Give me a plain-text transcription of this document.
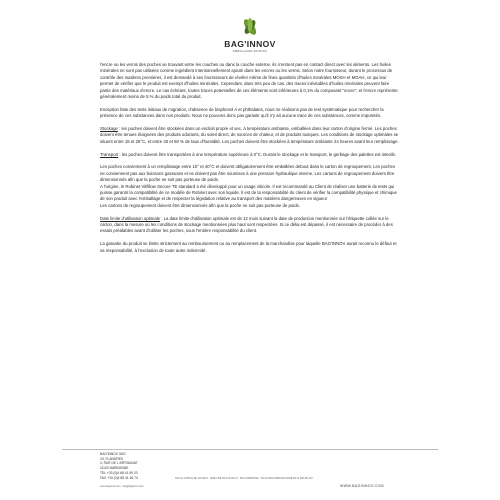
BAG'INNOV
EMBALLAGES SOUPLES

l'encre ou les vernis des poches se trouvant entre les couches ou dans la couche externe, ils n'entrent pas en contact direct avec les aliments. Les huiles minérales ne sont pas utilisées comme ingrédient intentionnellement ajouté dans les encres ou les vernis. Selon notre fournisseur, durant le processus de contrôle des matières premières, il est demandé à ses fournisseurs de révéler même de fines quantités d'huiles minérales MOSH et MOAH, ce qui leur permet de vérifier que le produit est exempt d'huiles minérales. Cependant, dans très peu de cas, des traces inévitables d'huiles minérales peuvent faire partie des matériaux d'encre. Le cas échéant, toutes traces potentielles de ces éléments sont inférieures à 0,1% du composant "encre", et l'encre représente généralement moins de 5 % du poids total du produit.

Exception faite des tests initiaux de migration, d'absence de bisphenol A et phthalates, nous ne réalisons pas de test systématique pour rechercher la présence de ces substances dans nos produits. Nous ne pouvons donc pas garantir qu'il n'y ait aucune trace de ces substances, comme impuretés.

Stockage : les poches doivent être stockées dans un endroit propre et sec, à température ambiante, emballées dans leur carton d'origine fermé. Les poches doivent être tenues éloignées des produits odorants, du soleil direct, de sources de chaleur, et de produits toxiques. Les conditions de stockage optimales se situent entre 15 et 25°C, et entre 40 et 60 % de taux d'humidité. Les poches doivent être stockées à température ambiante 24 heures avant leur remplissage.

Transport : les poches doivent être transportées à une température supérieure à 0°C. Durant le stockage et le transport, le gerbage des palettes est interdit.

Les poches conviennent à un remplissage entre 10° et 40°C et doivent obligatoirement être emballées debout dans le carton de regroupement. Les poches ne conviennent pas aux boissons gazeuses et ne doivent pas être soumises à une pression hydraulique interne. Les cartons de regroupement doivent être dimensionnés afin que la poche ne soit pas porteuse de poids.

A l'origine, le Robinet Vitfillow Secure TE standard a été développé pour un usage viticole. Il est recommandé au Client de réaliser une batterie de tests qui puisse garantir la compatibilité de ce modèle de Robinet avec son liquide. Il est de la responsabilité du client de vérifier la compatibilité physique et chimique de son produit avec l'emballage et de respecter la législation relative au transport des matières dangereuses en vigueur

Les cartons de regroupement doivent être dimensionnés afin que la poche ne soit pas porteuse de poids.

Date limite d'utilisation optimale : La date limite d'utilisation optimale est de 12 mois suivant la date de production mentionnée sur l'étiquette collée sur le carton, dans la mesure où les conditions de stockage mentionnées plus haut sont respectées. Si ce délai est dépassé, il est nécessaire de procéder à des essais préalables avant d'utiliser les poches, sous l'entière responsabilité du client.

La garantie du produit se limite strictement au remboursement ou au remplacement de la marchandise pour laquelle BAG'INNOV aurait reconnu le défaut et sa responsabilité, à l'exclusion de toute autre indemnité.

BAG'INNOV SAS
23, FLANDRES
4, RUE DE L'ARTISANAT
11100 NARBONNE
TEL +33 (0)4 68 41 99 20
FAX +33 (0)4 68 41 46 74	SAS AU CAPITAL DE 100 000 € - SIRET 398 391 215 000 21 - RCS NARBONNE - TVA INTRACOMMUNAUTAIRE FR 24 398 391 215
www.baginnov.com · bag@baginnov.com	WWW.BAGINNOV.COM
